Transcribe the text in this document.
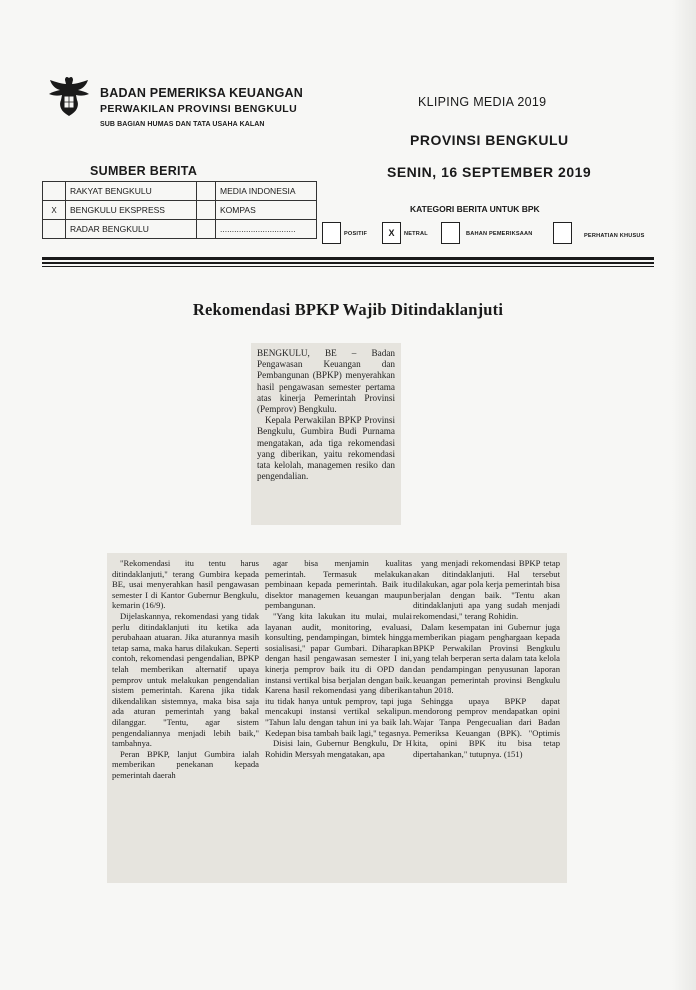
BADAN PEMERIKSA KEUANGAN
PERWAKILAN PROVINSI BENGKULU
SUB BAGIAN HUMAS DAN TATA USAHA KALAN
KLIPING MEDIA 2019
PROVINSI BENGKULU
SENIN, 16 SEPTEMBER 2019
SUMBER BERITA
	RAKYAT BENGKULU		MEDIA INDONESIA
X	BENGKULU EKSPRESS		KOMPAS
	RADAR BENGKULU		................................
KATEGORI BERITA UNTUK BPK
POSITIF	X	NETRAL	BAHAN PEMERIKSAAN	PERHATIAN KHUSUS
Rekomendasi BPKP Wajib Ditindaklanjuti

BENGKULU, BE – Badan Pengawasan Keuangan dan Pembangunan (BPKP) menyerahkan hasil pengawasan semester pertama atas kinerja Pemerintah Provinsi (Pemprov) Bengkulu.

Kepala Perwakilan BPKP Provinsi Bengkulu, Gumbira Budi Purnama mengatakan, ada tiga rekomendasi yang diberikan, yaitu rekomendasi tata kelolah, managemen resiko dan pengendalian.

"Rekomendasi itu tentu harus ditindaklanjuti," terang Gumbira kepada BE, usai menyerahkan hasil pengawasan semester I di Kantor Gubernur Bengkulu, kemarin (16/9).

Dijelaskannya, rekomendasi yang tidak perlu ditindaklanjuti itu ketika ada perubahaan atuaran. Jika aturannya masih tetap sama, maka harus dilakukan. Seperti contoh, rekomendasi pengendalian, BPKP telah memberikan alternatif upaya pemprov untuk melakukan pengendalian sistem pemerintah. Karena jika tidak dikendalikan sistemnya, maka bisa saja ada aturan pemerintah yang bakal dilanggar. "Tentu, agar sistem pengendaliannya menjadi lebih baik," tambahnya.

Peran BPKP, lanjut Gumbira ialah memberikan penekanan kepada pemerintah daerah

agar bisa menjamin kualitas pemerintah. Termasuk melakukan pembinaan kepada pemerintah. Baik itu disektor managemen keuangan maupun pembangunan.

"Yang kita lakukan itu mulai, mulai layanan audit, monitoring, evaluasi, konsulting, pendampingan, bimtek hingga sosialisasi," papar Gumbari. Diharapkan dengan hasil pengawasan semester I ini, kinerja pemprov baik itu di OPD dan instansi vertikal bisa berjalan dengan baik. Karena hasil rekomendasi yang diberikan itu tidak hanya untuk pemprov, tapi juga mencakupi instansi vertikal sekalipun. "Tahun lalu dengan tahun ini ya baik lah. Kedepan bisa tambah baik lagi," tegasnya.

Disisi lain, Gubernur Bengkulu, Dr H Rohidin Mersyah mengatakan, apa

yang menjadi rekomendasi BPKP tetap akan ditindaklanjuti. Hal tersebut dilakukan, agar pola kerja pemerintah bisa berjalan dengan baik. "Tentu akan ditindaklanjuti apa yang sudah menjadi rekomendasi," terang Rohidin.

Dalam kesempatan ini Gubernur juga memberikan piagam penghargaan kepada BPKP Perwakilan Provinsi Bengkulu yang telah berperan serta dalam tata kelola dan pendampingan penyusunan laporan keuangan pemerintah provinsi Bengkulu tahun 2018.

Sehingga upaya BPKP dapat mendorong pemprov mendapatkan opini Wajar Tanpa Pengecualian dari Badan Pemeriksa Keuangan (BPK). "Optimis kita, opini BPK itu bisa tetap dipertahankan," tutupnya. (151)
